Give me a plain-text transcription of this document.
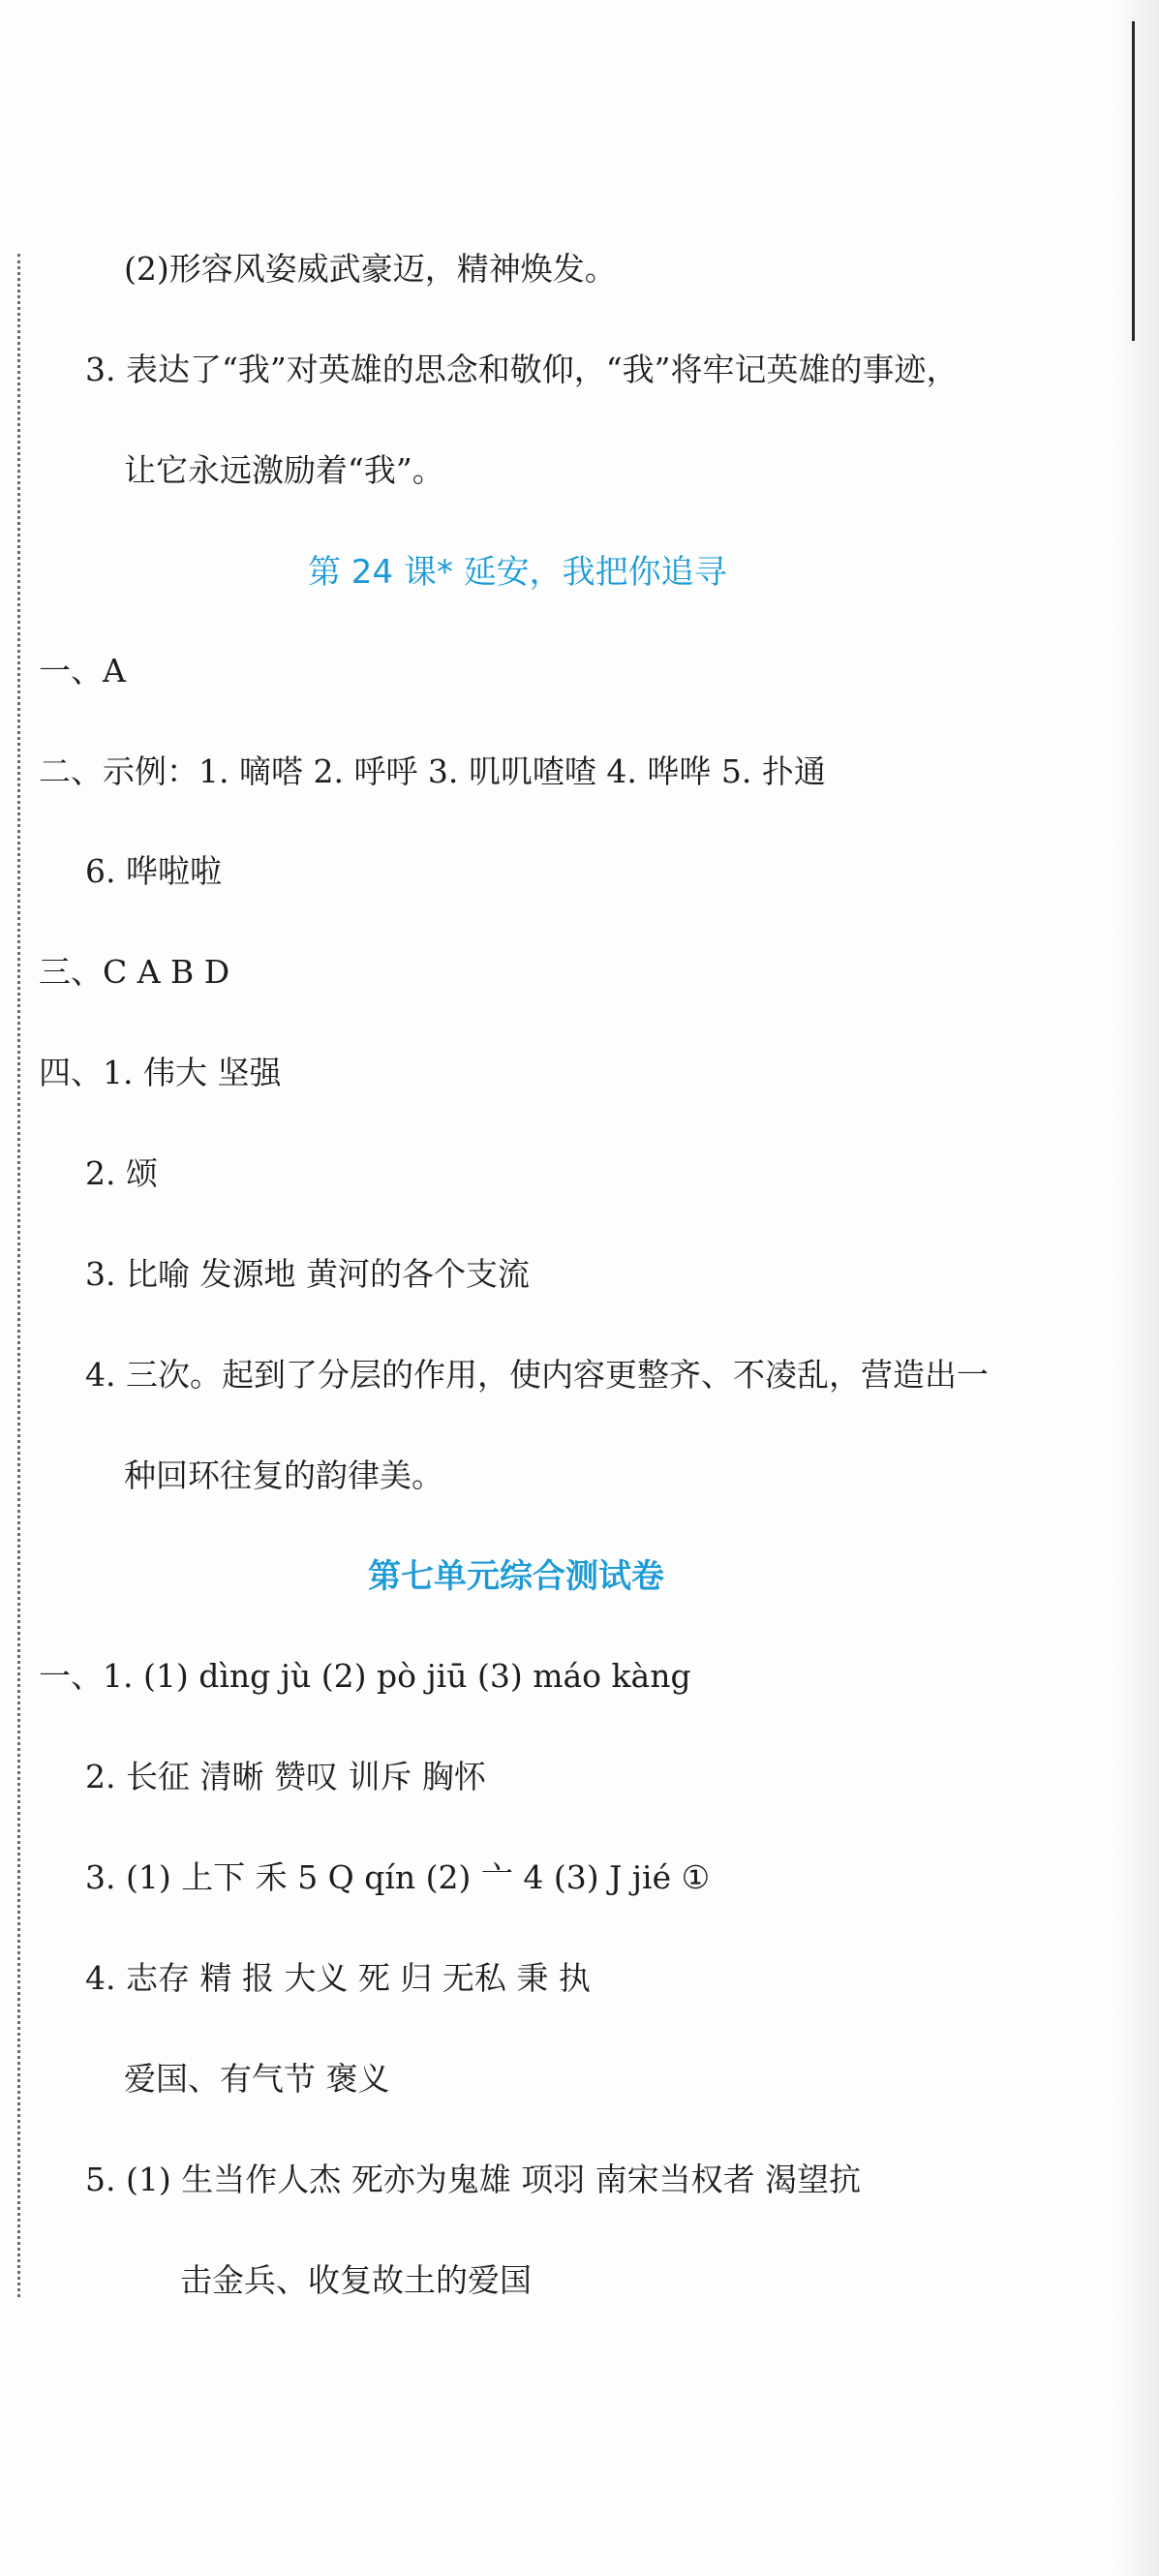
(2)形容风姿威武豪迈，精神焕发。
3. 表达了“我”对英雄的思念和敬仰，“我”将牢记英雄的事迹，
让它永远激励着“我”。
第 24 课* 延安，我把你追寻
一、A
二、示例：1. 嘀嗒 2. 呼呼 3. 叽叽喳喳 4. 哗哗 5. 扑通
6. 哗啦啦
三、C A B D
四、1. 伟大 坚强
2. 颂
3. 比喻 发源地 黄河的各个支流
4. 三次。起到了分层的作用，使内容更整齐、不凌乱，营造出一
种回环往复的韵律美。
第七单元综合测试卷
一、1. (1) dìng jù (2) pò jiū (3) máo kàng
2. 长征 清晰 赞叹 训斥 胸怀
3. (1) 上下 禾 5 Q qín (2) 亠 4 (3) J jié ①
4. 志存 精 报 大义 死 归 无私 秉 执
爱国、有气节 褒义
5. (1) 生当作人杰 死亦为鬼雄 项羽 南宋当权者 渴望抗
击金兵、收复故土的爱国
